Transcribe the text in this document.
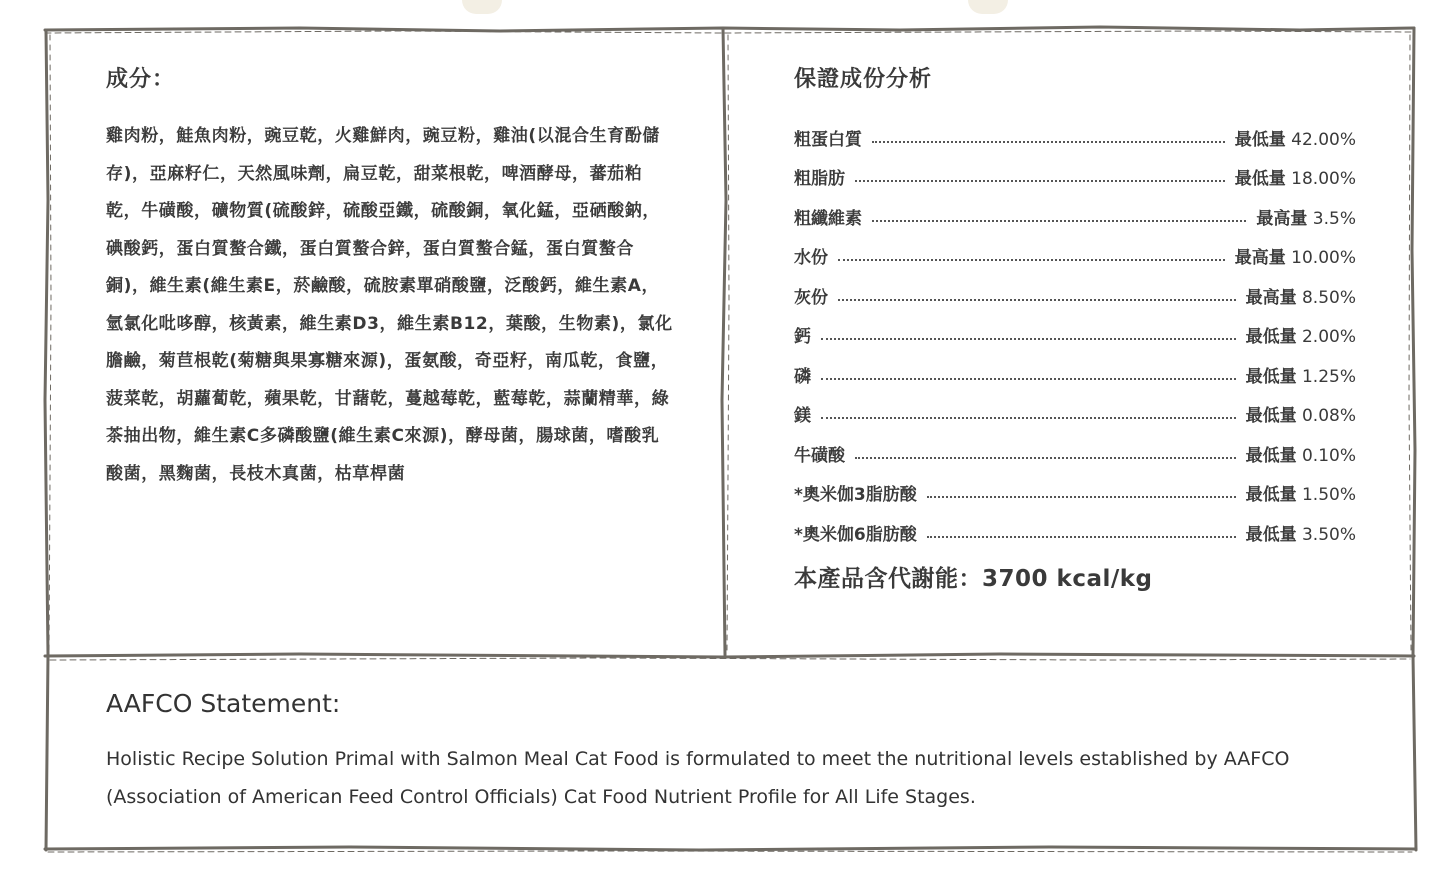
成分：
雞肉粉，鮭魚肉粉，豌豆乾，火雞鮮肉，豌豆粉，雞油(以混合生育酚儲存)，亞麻籽仁，天然風味劑，扁豆乾，甜菜根乾，啤酒酵母，蕃茄粕乾，牛磺酸，礦物質(硫酸鋅，硫酸亞鐵，硫酸銅，氧化錳，亞硒酸鈉，碘酸鈣，蛋白質螯合鐵，蛋白質螯合鋅，蛋白質螯合錳，蛋白質螯合銅)，維生素(維生素E，菸鹼酸，硫胺素單硝酸鹽，泛酸鈣，維生素A，氫氯化吡哆醇，核黃素，維生素D3，維生素B12，葉酸，生物素)，氯化膽鹼，菊苣根乾(菊糖與果寡糖來源)，蛋氨酸，奇亞籽，南瓜乾，食鹽，菠菜乾，胡蘿蔔乾，蘋果乾，甘藷乾，蔓越莓乾，藍莓乾，蒜蘭精華，綠茶抽出物，維生素C多磷酸鹽(維生素C來源)，酵母菌，腸球菌，嗜酸乳酸菌，黑麴菌，長枝木真菌，枯草桿菌
保證成份分析
粗蛋白質	最低量 42.00%
粗脂肪	最低量 18.00%
粗纖維素	最高量 3.5%
水份	最高量 10.00%
灰份	最高量 8.50%
鈣	最低量 2.00%
磷	最低量 1.25%
鎂	最低量 0.08%
牛磺酸	最低量 0.10%
*奧米伽3脂肪酸	最低量 1.50%
*奧米伽6脂肪酸	最低量 3.50%
本產品含代謝能：3700 kcal/kg
AAFCO Statement:
Holistic Recipe Solution Primal with Salmon Meal Cat Food is formulated to meet the nutritional levels established by AAFCO (Association of American Feed Control Officials) Cat Food Nutrient Profile for All Life Stages.
